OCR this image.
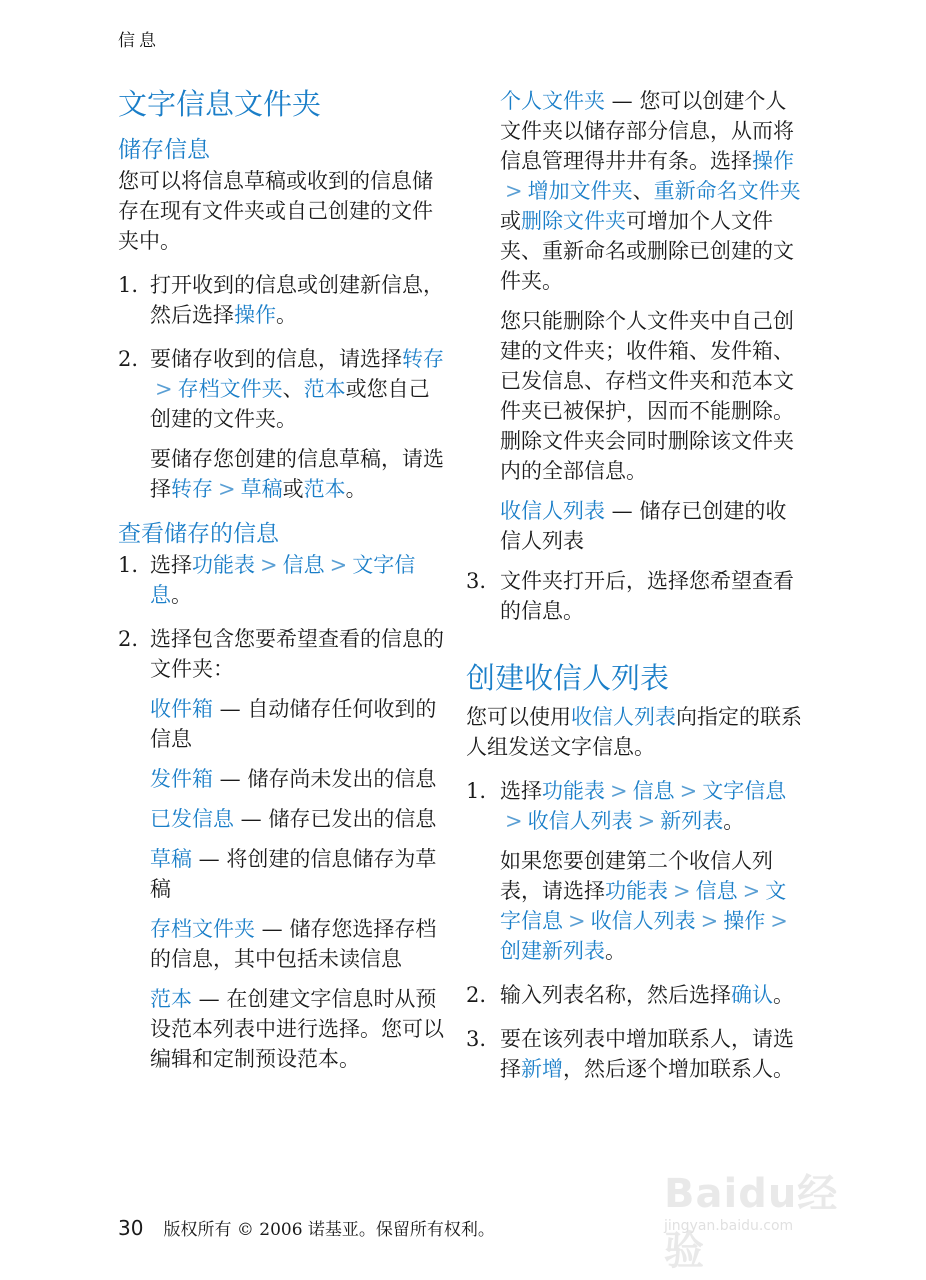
信息
文字信息文件夹
储存信息

您可以将信息草稿或收到的信息储存在现有文件夹或自己创建的文件夹中。

1. 打开收到的信息或创建新信息，然后选择操作。
2. 要储存收到的信息，请选择转存> 存档文件夹、范本或您自己创建的文件夹。

要储存您创建的信息草稿，请选择转存 > 草稿或范本。

查看储存的信息
1. 选择功能表 > 信息 > 文字信息。
2. 选择包含您要希望查看的信息的文件夹：

收件箱 — 自动储存任何收到的信息

发件箱 — 储存尚未发出的信息

已发信息 — 储存已发出的信息

草稿 — 将创建的信息储存为草稿

存档文件夹 — 储存您选择存档的信息，其中包括未读信息

范本 — 在创建文字信息时从预设范本列表中进行选择。您可以编辑和定制预设范本。

个人文件夹 — 您可以创建个人文件夹以储存部分信息，从而将信息管理得井井有条。选择操作> 增加文件夹、重新命名文件夹或删除文件夹可增加个人文件夹、重新命名或删除已创建的文件夹。

您只能删除个人文件夹中自己创建的文件夹；收件箱、发件箱、已发信息、存档文件夹和范本文件夹已被保护，因而不能删除。删除文件夹会同时删除该文件夹内的全部信息。

收信人列表 — 储存已创建的收信人列表

3. 文件夹打开后，选择您希望查看的信息。
创建收信人列表

您可以使用收信人列表向指定的联系人组发送文字信息。

1. 选择功能表 > 信息 > 文字信息> 收信人列表 > 新列表。

如果您要创建第二个收信人列表，请选择功能表 > 信息 > 文字信息 > 收信人列表 > 操作 >创建新列表。

2. 输入列表名称，然后选择确认。
3. 要在该列表中增加联系人，请选择新增，然后逐个增加联系人。
Baidu经验
jingyan.baidu.com
30 版权所有 © 2006 诺基亚。保留所有权利。
